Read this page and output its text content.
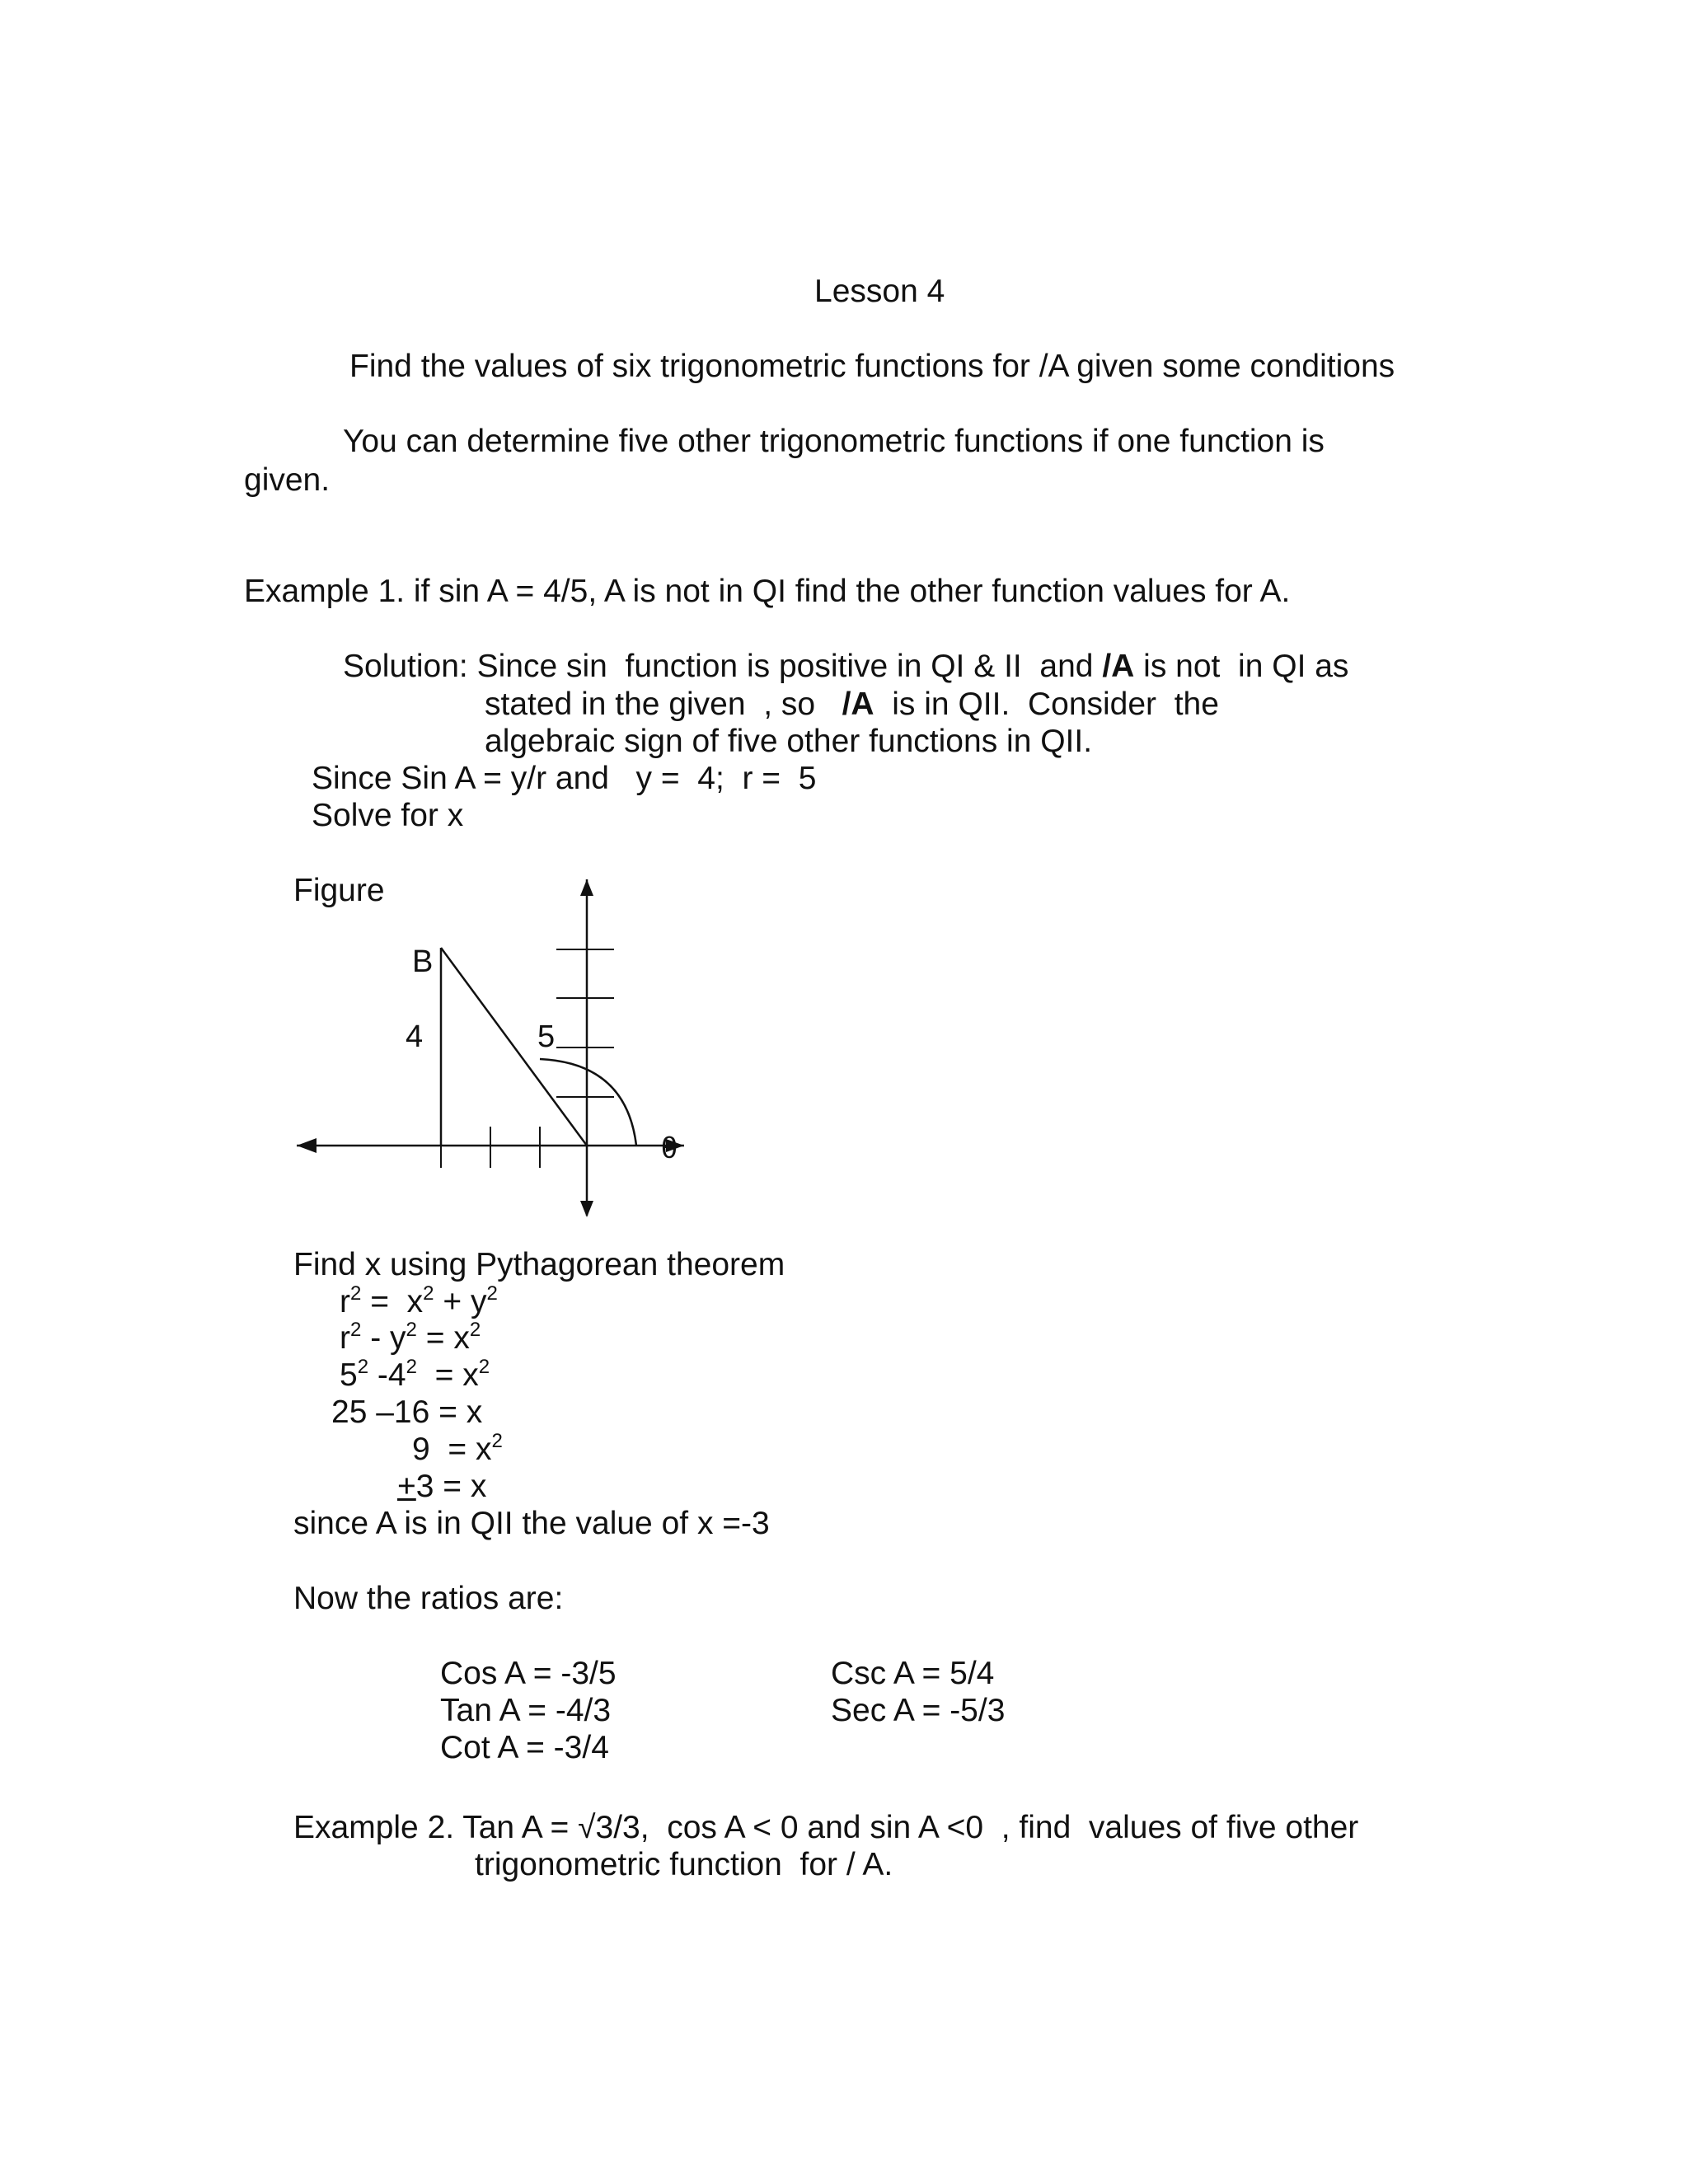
Lesson 4
Find the values of six trigonometric functions for /A given some conditions
You can determine five other trigonometric functions if one function is
given.
Example 1. if sin A = 4/5, A is not in QI find the other function values for A.
Solution: Since sin  function is positive in QI & II  and /A is not  in QI as
stated in the given  , so   /A  is in QII.  Consider  the
algebraic sign of five other functions in QII.
Since Sin A = y/r and   y =  4;  r =  5
Solve for x
Figure
B
4	5
θ
Find x using Pythagorean theorem
$r^2 = x^2 + y^2$
$r^2 - y^2 = x^2$
$5^2$ $-4^2 = x^2$
25 –16 = x
$9 = x^2$
+3 = x
since A is in QII the value of x =-3
Now the ratios are:
Cos A = -3/5
Tan A = -4/3
Cot A = -3/4
Csc A = 5/4
Sec A = -5/3
Example 2. Tan A = √3/3,  cos A < 0 and sin A <0  , find  values of five other
trigonometric function  for / A.
